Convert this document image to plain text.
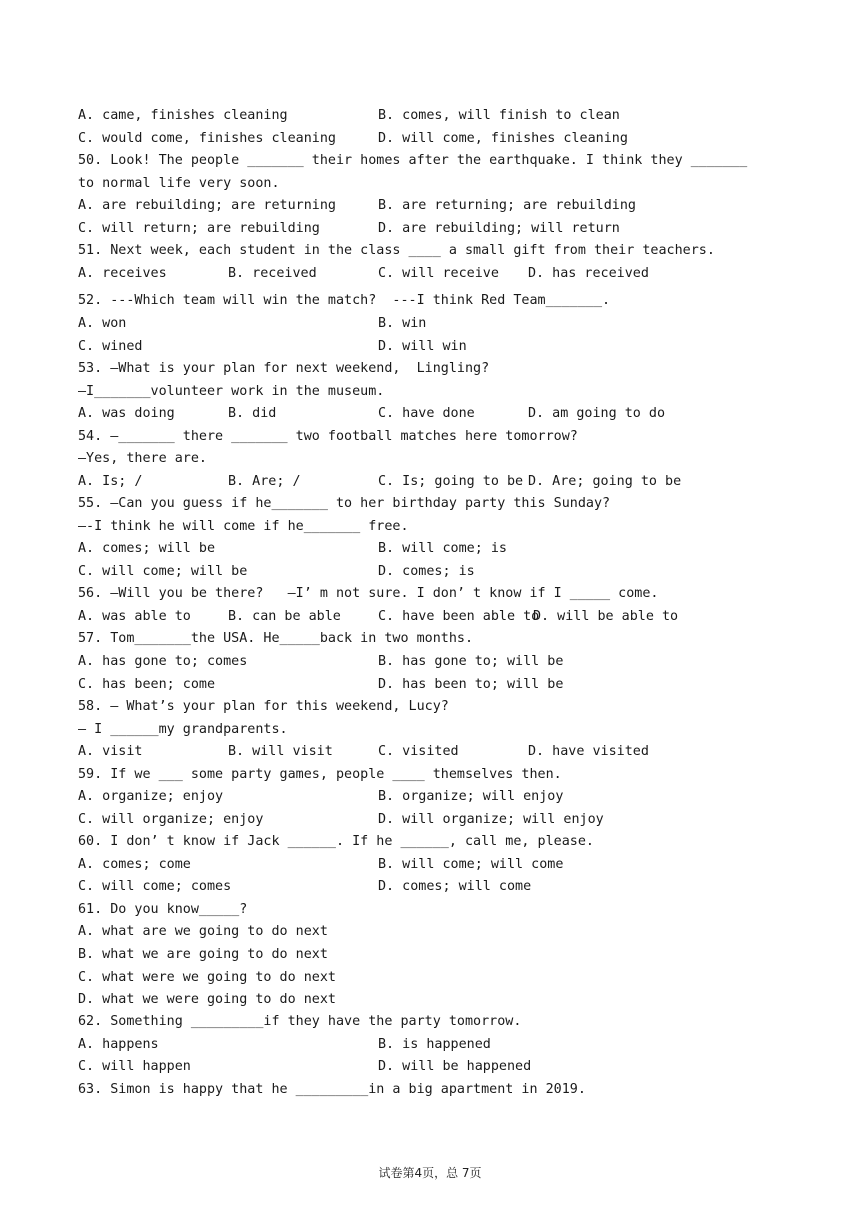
A. came, finishes cleaning	B. comes, will finish to clean
C. would come, finishes cleaning	D. will come, finishes cleaning
50. Look! The people _______ their homes after the earthquake. I think they _______
to normal life very soon.
A. are rebuilding; are returning	B. are returning; are rebuilding
C. will return; are rebuilding	D. are rebuilding; will return
51. Next week, each student in the class ____ a small gift from their teachers.
A. receives	B. received	C. will receive D. has received
52. ---Which team will win the match?  ---I think Red Team_______.
A. won	B. win
C. wined	D. will win
53. —What is your plan for next weekend,  Lingling?
—I_______volunteer work in the museum.
A. was doing	B. did	C. have done	D. am going to do
54. —_______ there _______ two football matches here tomorrow?
—Yes, there are.
A. Is; /	B. Are; /	C. Is; going to be D. Are; going to be
55. —Can you guess if he_______ to her birthday party this Sunday?
—-I think he will come if he_______ free.
A. comes; will be	B. will come; is
C. will come; will be	D. comes; is
56. —Will you be there?   —I’ m not sure. I don’ t know if I _____ come.
A. was able to	B. can be able	C. have been able to
D. will be able to
57. Tom_______the USA. He_____back in two months.
A. has gone to; comes	B. has gone to; will be
C. has been; come	D. has been to; will be
58. — What’s your plan for this weekend, Lucy?
— I ______my grandparents.
A. visit	B. will visit	C. visited	D. have visited
59. If we ___ some party games, people ____ themselves then.
A. organize; enjoy	B. organize; will enjoy
C. will organize; enjoy	D. will organize; will enjoy
60. I don’ t know if Jack ______. If he ______, call me, please.
A. comes; come	B. will come; will come
C. will come; comes	D. comes; will come
61. Do you know_____?
A. what are we going to do next
B. what we are going to do next
C. what were we going to do next
D. what we were going to do next
62. Something _________if they have the party tomorrow.
A. happens	B. is happened
C. will happen	D. will be happened
63. Simon is happy that he _________in a big apartment in 2019.
试卷第4页，总 7页
